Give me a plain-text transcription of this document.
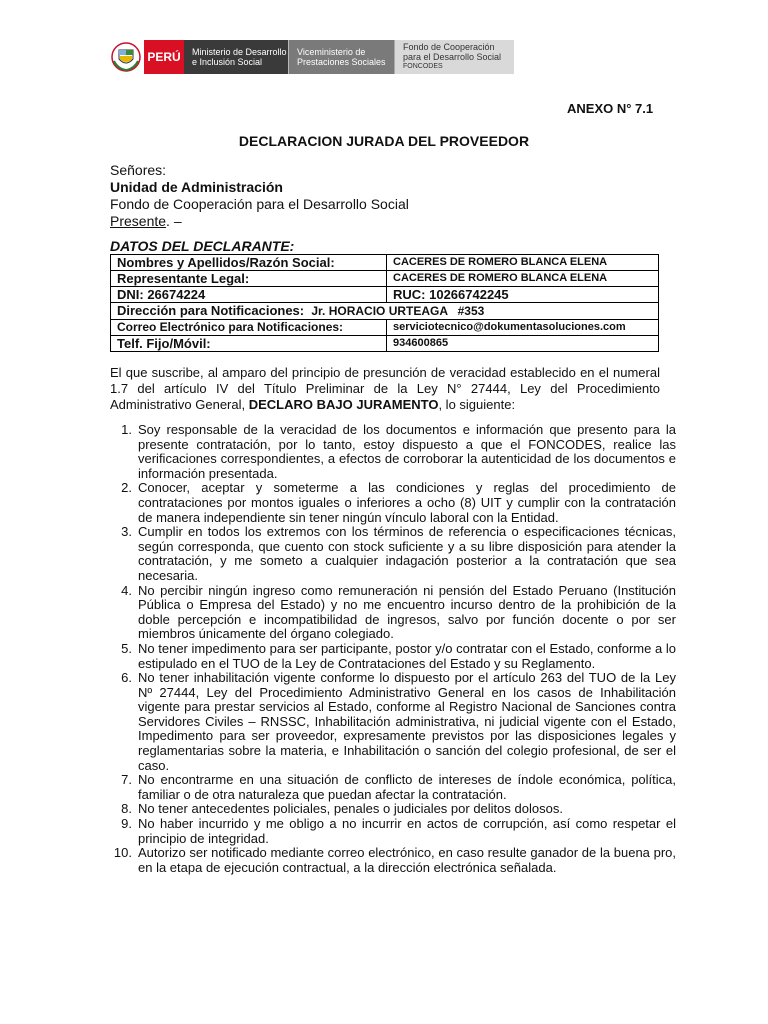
PERÚ	Ministerio de Desarrollo
e Inclusión Social
Viceministerio de
Prestaciones Sociales
Fondo de Cooperación
para el Desarrollo Social
FONCODES
ANEXO N° 7.1
DECLARACION JURADA DEL PROVEEDOR
Señores:
Unidad de Administración
Fondo de Cooperación para el Desarrollo Social
Presente. –
DATOS DEL DECLARANTE:
Nombres y Apellidos/Razón Social:	CACERES DE ROMERO BLANCA ELENA
Representante Legal:	CACERES DE ROMERO BLANCA ELENA
DNI: 26674224	RUC: 10266742245
Dirección para Notificaciones: Jr. HORACIO URTEAGA   #353	
Correo Electrónico para Notificaciones:	serviciotecnico@dokumentasoluciones.com
Telf. Fijo/Móvil:	934600865
El que suscribe, al amparo del principio de presunción de veracidad establecido en el numeral 1.7 del artículo IV del Título Preliminar de la Ley N° 27444, Ley del Procedimiento Administrativo General, DECLARO BAJO JURAMENTO, lo siguiente:
1. Soy responsable de la veracidad de los documentos e información que presento para la presente contratación, por lo tanto, estoy dispuesto a que el FONCODES, realice las verificaciones correspondientes, a efectos de corroborar la autenticidad de los documentos e información presentada.
2. Conocer, aceptar y someterme a las condiciones y reglas del procedimiento de contrataciones por montos iguales o inferiores a ocho (8) UIT y cumplir con la contratación de manera independiente sin tener ningún vínculo laboral con la Entidad.
3. Cumplir en todos los extremos con los términos de referencia o especificaciones técnicas, según corresponda, que cuento con stock suficiente y a su libre disposición para atender la contratación, y me someto a cualquier indagación posterior a la contratación que sea necesaria.
4. No percibir ningún ingreso como remuneración ni pensión del Estado Peruano (Institución Pública o Empresa del Estado) y no me encuentro incurso dentro de la prohibición de la doble percepción e incompatibilidad de ingresos, salvo por función docente o por ser miembros únicamente del órgano colegiado.
5. No tener impedimento para ser participante, postor y/o contratar con el Estado, conforme a lo estipulado en el TUO de la Ley de Contrataciones del Estado y su Reglamento.
6. No tener inhabilitación vigente conforme lo dispuesto por el artículo 263 del TUO de la Ley Nº 27444, Ley del Procedimiento Administrativo General en los casos de Inhabilitación vigente para prestar servicios al Estado, conforme al Registro Nacional de Sanciones contra Servidores Civiles – RNSSC, Inhabilitación administrativa, ni judicial vigente con el Estado, Impedimento para ser proveedor, expresamente previstos por las disposiciones legales y reglamentarias sobre la materia, e Inhabilitación o sanción del colegio profesional, de ser el caso.
7. No encontrarme en una situación de conflicto de intereses de índole económica, política, familiar o de otra naturaleza que puedan afectar la contratación.
8. No tener antecedentes policiales, penales o judiciales por delitos dolosos.
9. No haber incurrido y me obligo a no incurrir en actos de corrupción, así como respetar el principio de integridad.
10. Autorizo ser notificado mediante correo electrónico, en caso resulte ganador de la buena pro, en la etapa de ejecución contractual, a la dirección electrónica señalada.
